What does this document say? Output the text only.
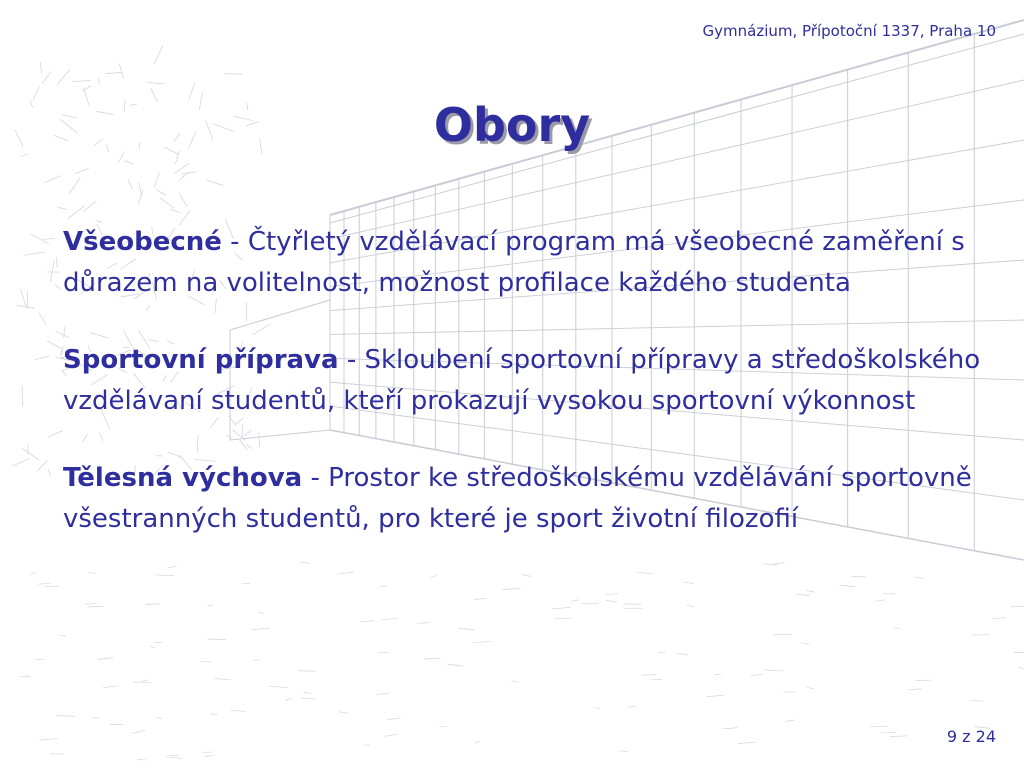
Gymnázium, Přípotoční 1337, Praha 10
Obory

Všeobecné - Čtyřletý vzdělávací program má všeobecné zaměření s důrazem na volitelnost, možnost profilace každého studenta

Sportovní příprava - Skloubení sportovní přípravy a středoškolského vzdělávaní studentů, kteří prokazují vysokou sportovní výkonnost

Tělesná výchova - Prostor ke středoškolskému vzdělávání sportovně všestranných studentů, pro které je sport životní filozofií

9 z 24
